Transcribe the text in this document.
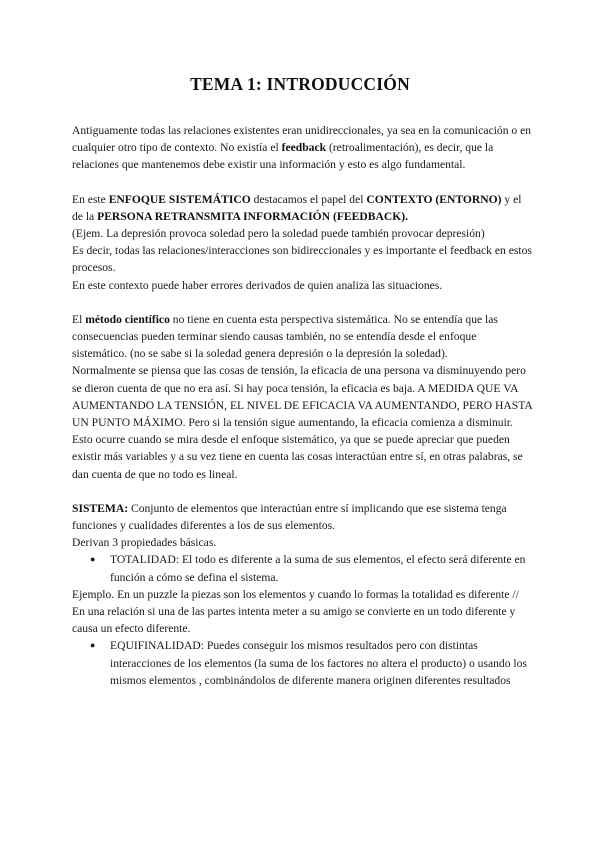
TEMA 1: INTRODUCCIÓN

Antiguamente todas las relaciones existentes eran unidireccionales, ya sea en la comunicación o en cualquier otro tipo de contexto. No existía el feedback (retroalimentación), es decir, que la relaciones que mantenemos debe existir una información y esto es algo fundamental.

En este ENFOQUE SISTEMÁTICO destacamos el papel del CONTEXTO (ENTORNO) y el de la PERSONA RETRANSMITA INFORMACIÓN (FEEDBACK).

(Ejem. La depresión provoca soledad pero la soledad puede también provocar depresión)

Es decir, todas las relaciones/interacciones son bidireccionales y es importante el feedback en estos procesos.

En este contexto puede haber errores derivados de quien analiza las situaciones.

El método científico no tiene en cuenta esta perspectiva sistemática. No se entendía que las consecuencias pueden terminar siendo causas también, no se entendía desde el enfoque sistemático. (no se sabe si la soledad genera depresión o la depresión la soledad).

Normalmente se piensa que las cosas de tensión, la eficacia de una persona va disminuyendo pero se dieron cuenta de que no era así. Si hay poca tensión, la eficacia es baja. A MEDIDA QUE VA AUMENTANDO LA TENSIÓN, EL NIVEL DE EFICACIA VA AUMENTANDO, PERO HASTA UN PUNTO MÁXIMO. Pero si la tensión sigue aumentando, la eficacia comienza a disminuir. Esto ocurre cuando se mira desde el enfoque sistemático, ya que se puede apreciar que pueden existir más variables y a su vez tiene en cuenta las cosas interactúan entre sí, en otras palabras, se dan cuenta de que no todo es lineal.

SISTEMA: Conjunto de elementos que interactúan entre sí implicando que ese sistema tenga funciones y cualidades diferentes a los de sus elementos.

Derivan 3 propiedades básicas.

● TOTALIDAD: El todo es diferente a la suma de sus elementos, el efecto será diferente en función a cómo se defina el sistema.

Ejemplo. En un puzzle la piezas son los elementos y cuando lo formas la totalidad es diferente // En una relación si una de las partes intenta meter a su amigo se convierte en un todo diferente y causa un efecto diferente.

● EQUIFINALIDAD: Puedes conseguir los mismos resultados pero con distintas interacciones de los elementos (la suma de los factores no altera el producto) o usando los mismos elementos , combinándolos de diferente manera originen diferentes resultados
